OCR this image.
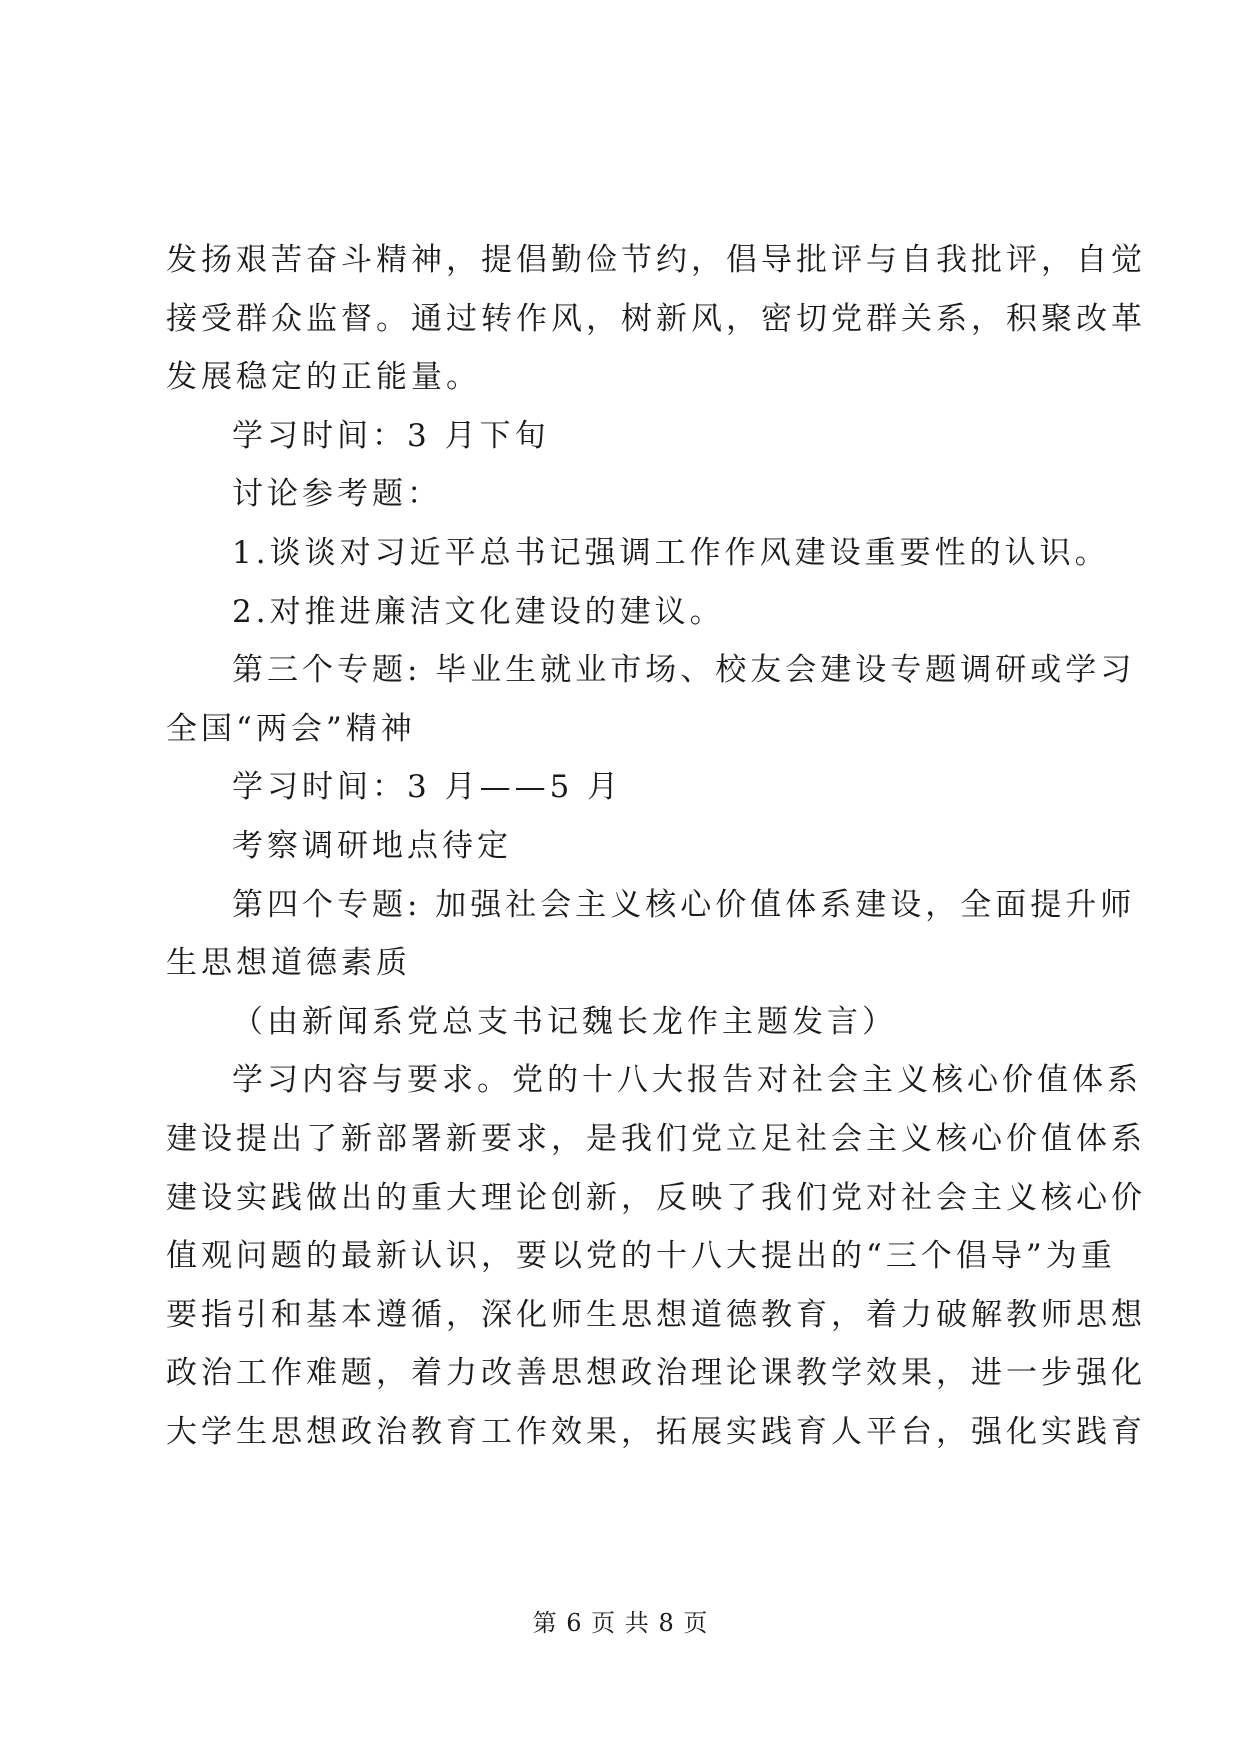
发扬艰苦奋斗精神，提倡勤俭节约，倡导批评与自我批评，自觉
接受群众监督。通过转作风，树新风，密切党群关系，积聚改革
发展稳定的正能量。
学习时间：3 月下旬
讨论参考题：
1.谈谈对习近平总书记强调工作作风建设重要性的认识。
2.对推进廉洁文化建设的建议。
第三个专题: 毕业生就业市场、校友会建设专题调研或学习
全国“两会”精神
学习时间：3 月——5 月
考察调研地点待定
第四个专题: 加强社会主义核心价值体系建设，全面提升师
生思想道德素质
（由新闻系党总支书记魏长龙作主题发言）
学习内容与要求。党的十八大报告对社会主义核心价值体系
建设提出了新部署新要求，是我们党立足社会主义核心价值体系
建设实践做出的重大理论创新，反映了我们党对社会主义核心价
值观问题的最新认识，要以党的十八大提出的“三个倡导”为重
要指引和基本遵循，深化师生思想道德教育，着力破解教师思想
政治工作难题，着力改善思想政治理论课教学效果，进一步强化
大学生思想政治教育工作效果，拓展实践育人平台，强化实践育
第 6 页 共 8 页
